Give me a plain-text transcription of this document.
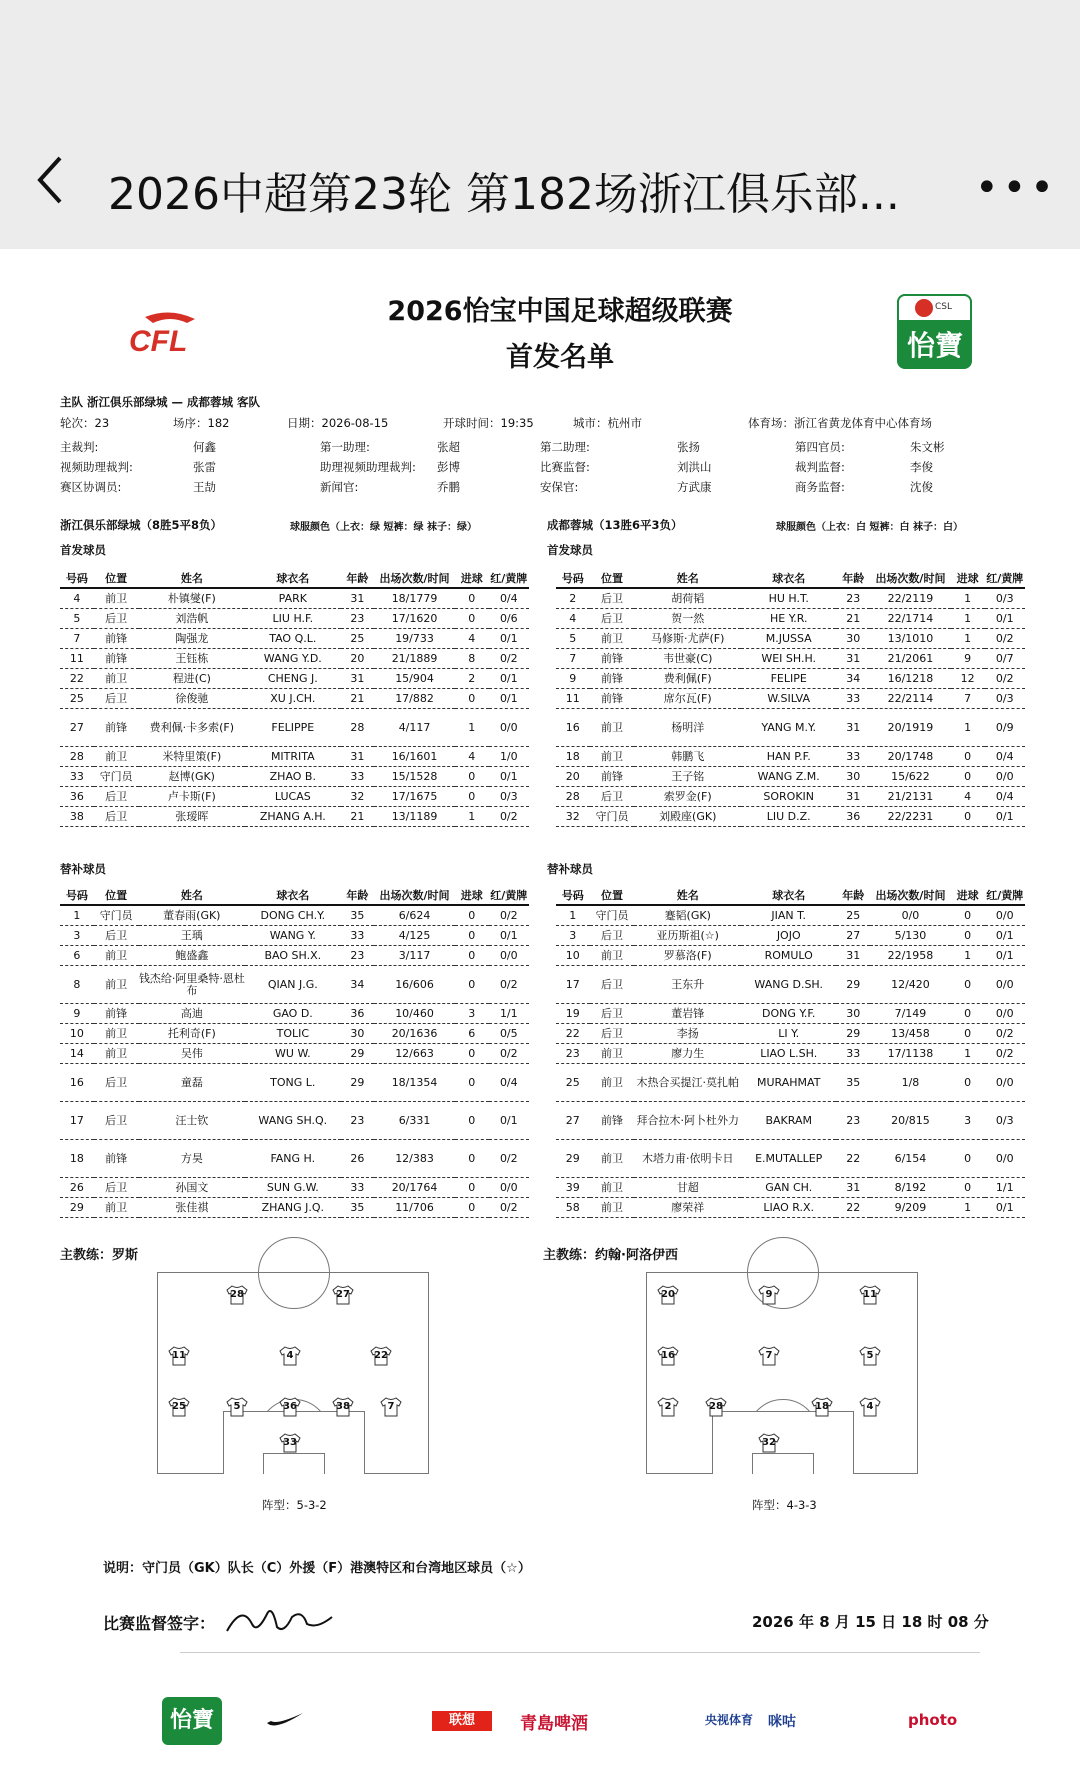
2026中超第23轮 第182场浙江俱乐部... •••
CFL
CSL
怡寶
2026怡宝中国足球超级联赛
首发名单
主队 浙江俱乐部绿城 — 成都蓉城 客队
轮次：23	场序：182	日期：2026-08-15	开球时间：19:35	城市：杭州市	体育场：浙江省黄龙体育中心体育场
主裁判:	何鑫	第一助理:	张超	第二助理:	张扬	第四官员:	朱文彬
视频助理裁判:	张雷	助理视频助理裁判: 彭博	比赛监督:	刘洪山	裁判监督:	李俊
赛区协调员:	王劼	新闻官:	乔鹏	安保官:	方武康	商务监督:	沈俊
浙江俱乐部绿城（8胜5平8负）	球服颜色（上衣：绿 短裤：绿 袜子：绿）	成都蓉城（13胜6平3负）	球服颜色（上衣：白 短裤：白 袜子：白）
首发球员	首发球员
号码	位置	姓名	球衣名	年龄	出场次数/时间	进球	红/黄牌		号码	位置	姓名	球衣名	年龄	出场次数/时间	进球	红/黄牌
4	前卫	朴镇燮(F)	PARK	31	18/1779	0	0/4		2	后卫	胡荷韬	HU H.T.	23	22/2119	1	0/3
5	后卫	刘浩帆	LIU H.F.	23	17/1620	0	0/6		4	后卫	贺一然	HE Y.R.	21	22/1714	1	0/1
7	前锋	陶强龙	TAO Q.L.	25	19/733	4	0/1		5	前卫	马修斯·尤萨(F)	M.JUSSA	30	13/1010	1	0/2
11	前锋	王钰栋	WANG Y.D.	20	21/1889	8	0/2		7	前锋	韦世豪(C)	WEI SH.H.	31	21/2061	9	0/7
22	前卫	程进(C)	CHENG J.	31	15/904	2	0/1		9	前锋	费利佩(F)	FELIPE	34	16/1218	12	0/2
25	后卫	徐俊驰	XU J.CH.	21	17/882	0	0/1		11	前锋	席尔瓦(F)	W.SILVA	33	22/2114	7	0/3
27	前锋	费利佩·卡多索(F)	FELIPPE	28	4/117	1	0/0		16	前卫	杨明洋	YANG M.Y.	31	20/1919	1	0/9
28	前卫	米特里策(F)	MITRITA	31	16/1601	4	1/0		18	前卫	韩鹏飞	HAN P.F.	33	20/1748	0	0/4
33	守门员	赵博(GK)	ZHAO B.	33	15/1528	0	0/1		20	前锋	王子铭	WANG Z.M.	30	15/622	0	0/0
36	后卫	卢卡斯(F)	LUCAS	32	17/1675	0	0/3		28	后卫	索罗金(F)	SOROKIN	31	21/2131	4	0/4
38	后卫	张瑷晖	ZHANG A.H.	21	13/1189	1	0/2		32	守门员	刘殿座(GK)	LIU D.Z.	36	22/2231	0	0/1
替补球员	替补球员
号码	位置	姓名	球衣名	年龄	出场次数/时间	进球	红/黄牌		号码	位置	姓名	球衣名	年龄	出场次数/时间	进球	红/黄牌
1	守门员	董春雨(GK)	DONG CH.Y.	35	6/624	0	0/2		1	守门员	蹇韬(GK)	JIAN T.	25	0/0	0	0/0
3	后卫	王瑀	WANG Y.	33	4/125	0	0/1		3	后卫	亚历斯祖(☆)	JOJO	27	5/130	0	0/1
6	前卫	鲍盛鑫	BAO SH.X.	23	3/117	0	0/0		10	前卫	罗慕洛(F)	ROMULO	31	22/1958	1	0/1
8	前卫	钱杰给·阿里桑特·恩杜布	QIAN J.G.	34	16/606	0	0/2		17	后卫	王东升	WANG D.SH.	29	12/420	0	0/0
9	前锋	高迪	GAO D.	36	10/460	3	1/1		19	后卫	董岩锋	DONG Y.F.	30	7/149	0	0/0
10	前卫	托利奇(F)	TOLIC	30	20/1636	6	0/5		22	后卫	李扬	LI Y.	29	13/458	0	0/2
14	前卫	吴伟	WU W.	29	12/663	0	0/2		23	前卫	廖力生	LIAO L.SH.	33	17/1138	1	0/2
16	后卫	童磊	TONG L.	29	18/1354	0	0/4		25	前卫	木热合买提江·莫扎帕	MURAHMAT	35	1/8	0	0/0
17	后卫	汪士钦	WANG SH.Q.	23	6/331	0	0/1		27	前锋	拜合拉木·阿卜杜外力	BAKRAM	23	20/815	3	0/3
18	前锋	方昊	FANG H.	26	12/383	0	0/2		29	前卫	木塔力甫·依明卡日	E.MUTALLEP	22	6/154	0	0/0
26	后卫	孙国文	SUN G.W.	33	20/1764	0	0/0		39	前卫	甘超	GAN CH.	31	8/192	0	1/1
29	前卫	张佳祺	ZHANG J.Q.	35	11/706	0	0/2		58	前卫	廖荣祥	LIAO R.X.	22	9/209	1	0/1
主教练：罗斯	主教练：约翰·阿洛伊西
28	27
11	4	22
25	5	36	38	7
33
20	9	11
16	7	5
2	28	18	4
32
阵型：5-3-2	阵型：4-3-3
说明：守门员（GK）队长（C）外援（F）港澳特区和台湾地区球员（☆）
比赛监督签字：	2026 年 8 月 15 日 18 时 08 分
怡寶	联想	青島啤酒	央视体育 咪咕	photo
